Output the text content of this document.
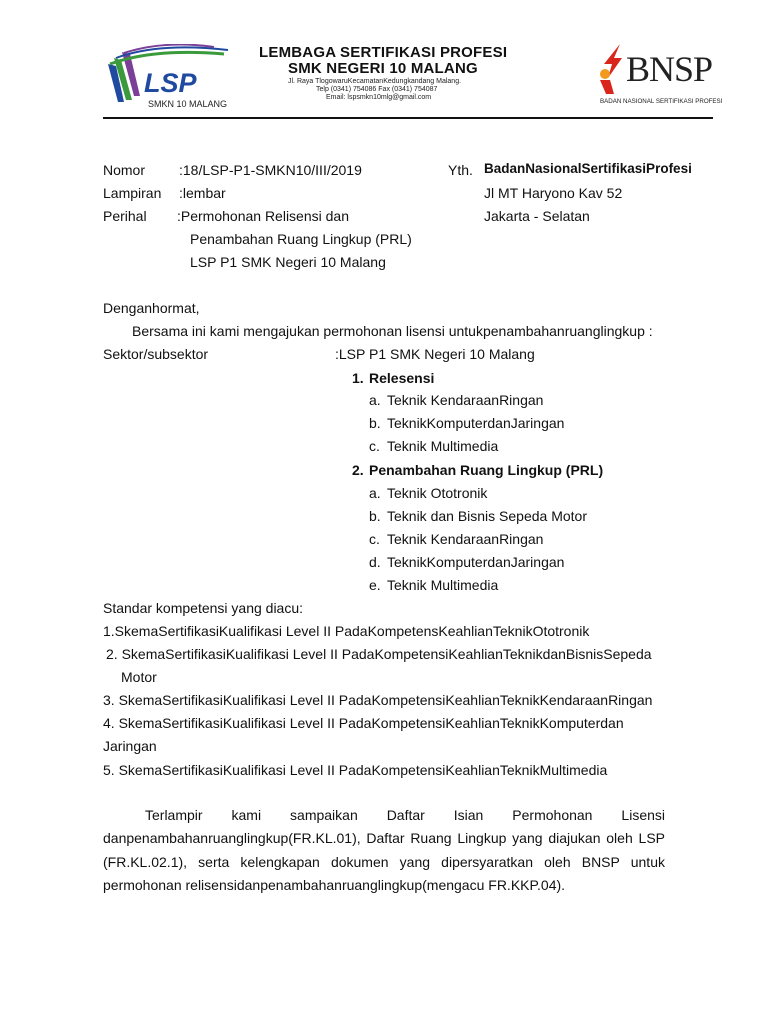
LSP
SMKN 10 MALANG
LEMBAGA SERTIFIKASI PROFESI
SMK NEGERI 10 MALANG
Jl. Raya TlogowaruKecamatanKedungkandang Malang.
Telp (0341) 754086 Fax (0341) 754087
Email: lspsmkn10mlg@gmail.com
BNSP
BADAN NASIONAL SERTIFIKASI PROFESI
Nomor :18/LSP-P1-SMKN10/III/2019
Lampiran :lembar
Perihal :Permohonan Relisensi dan
Penambahan Ruang Lingkup (PRL)
LSP P1 SMK Negeri 10 Malang
Yth. BadanNasionalSertifikasiProfesi
Jl MT Haryono Kav 52
Jakarta - Selatan
Denganhormat,
Bersama ini kami mengajukan permohonan lisensi untukpenambahanruanglingkup :
Sektor/subsektor	:LSP P1 SMK Negeri 10 Malang
1. Relesensi
a. Teknik KendaraanRingan
b. TeknikKomputerdanJaringan
c. Teknik Multimedia
2. Penambahan Ruang Lingkup (PRL)
a. Teknik Ototronik
b. Teknik dan Bisnis Sepeda Motor
c. Teknik KendaraanRingan
d. TeknikKomputerdanJaringan
e. Teknik Multimedia
Standar kompetensi yang diacu:
1.SkemaSertifikasiKualifikasi Level II PadaKompetensKeahlianTeknikOtotronik
2. SkemaSertifikasiKualifikasi Level II PadaKompetensiKeahlianTeknikdanBisnisSepeda
Motor
3. SkemaSertifikasiKualifikasi Level II PadaKompetensiKeahlianTeknikKendaraanRingan
4. SkemaSertifikasiKualifikasi Level II PadaKompetensiKeahlianTeknikKomputerdan
Jaringan
5. SkemaSertifikasiKualifikasi Level II PadaKompetensiKeahlianTeknikMultimedia
Terlampir kami sampaikan Daftar Isian Permohonan Lisensi
danpenambahanruanglingkup(FR.KL.01), Daftar Ruang Lingkup yang diajukan oleh LSP
(FR.KL.02.1), serta kelengkapan dokumen yang dipersyaratkan oleh BNSP untuk
permohonan relisensidanpenambahanruanglingkup(mengacu FR.KKP.04).
